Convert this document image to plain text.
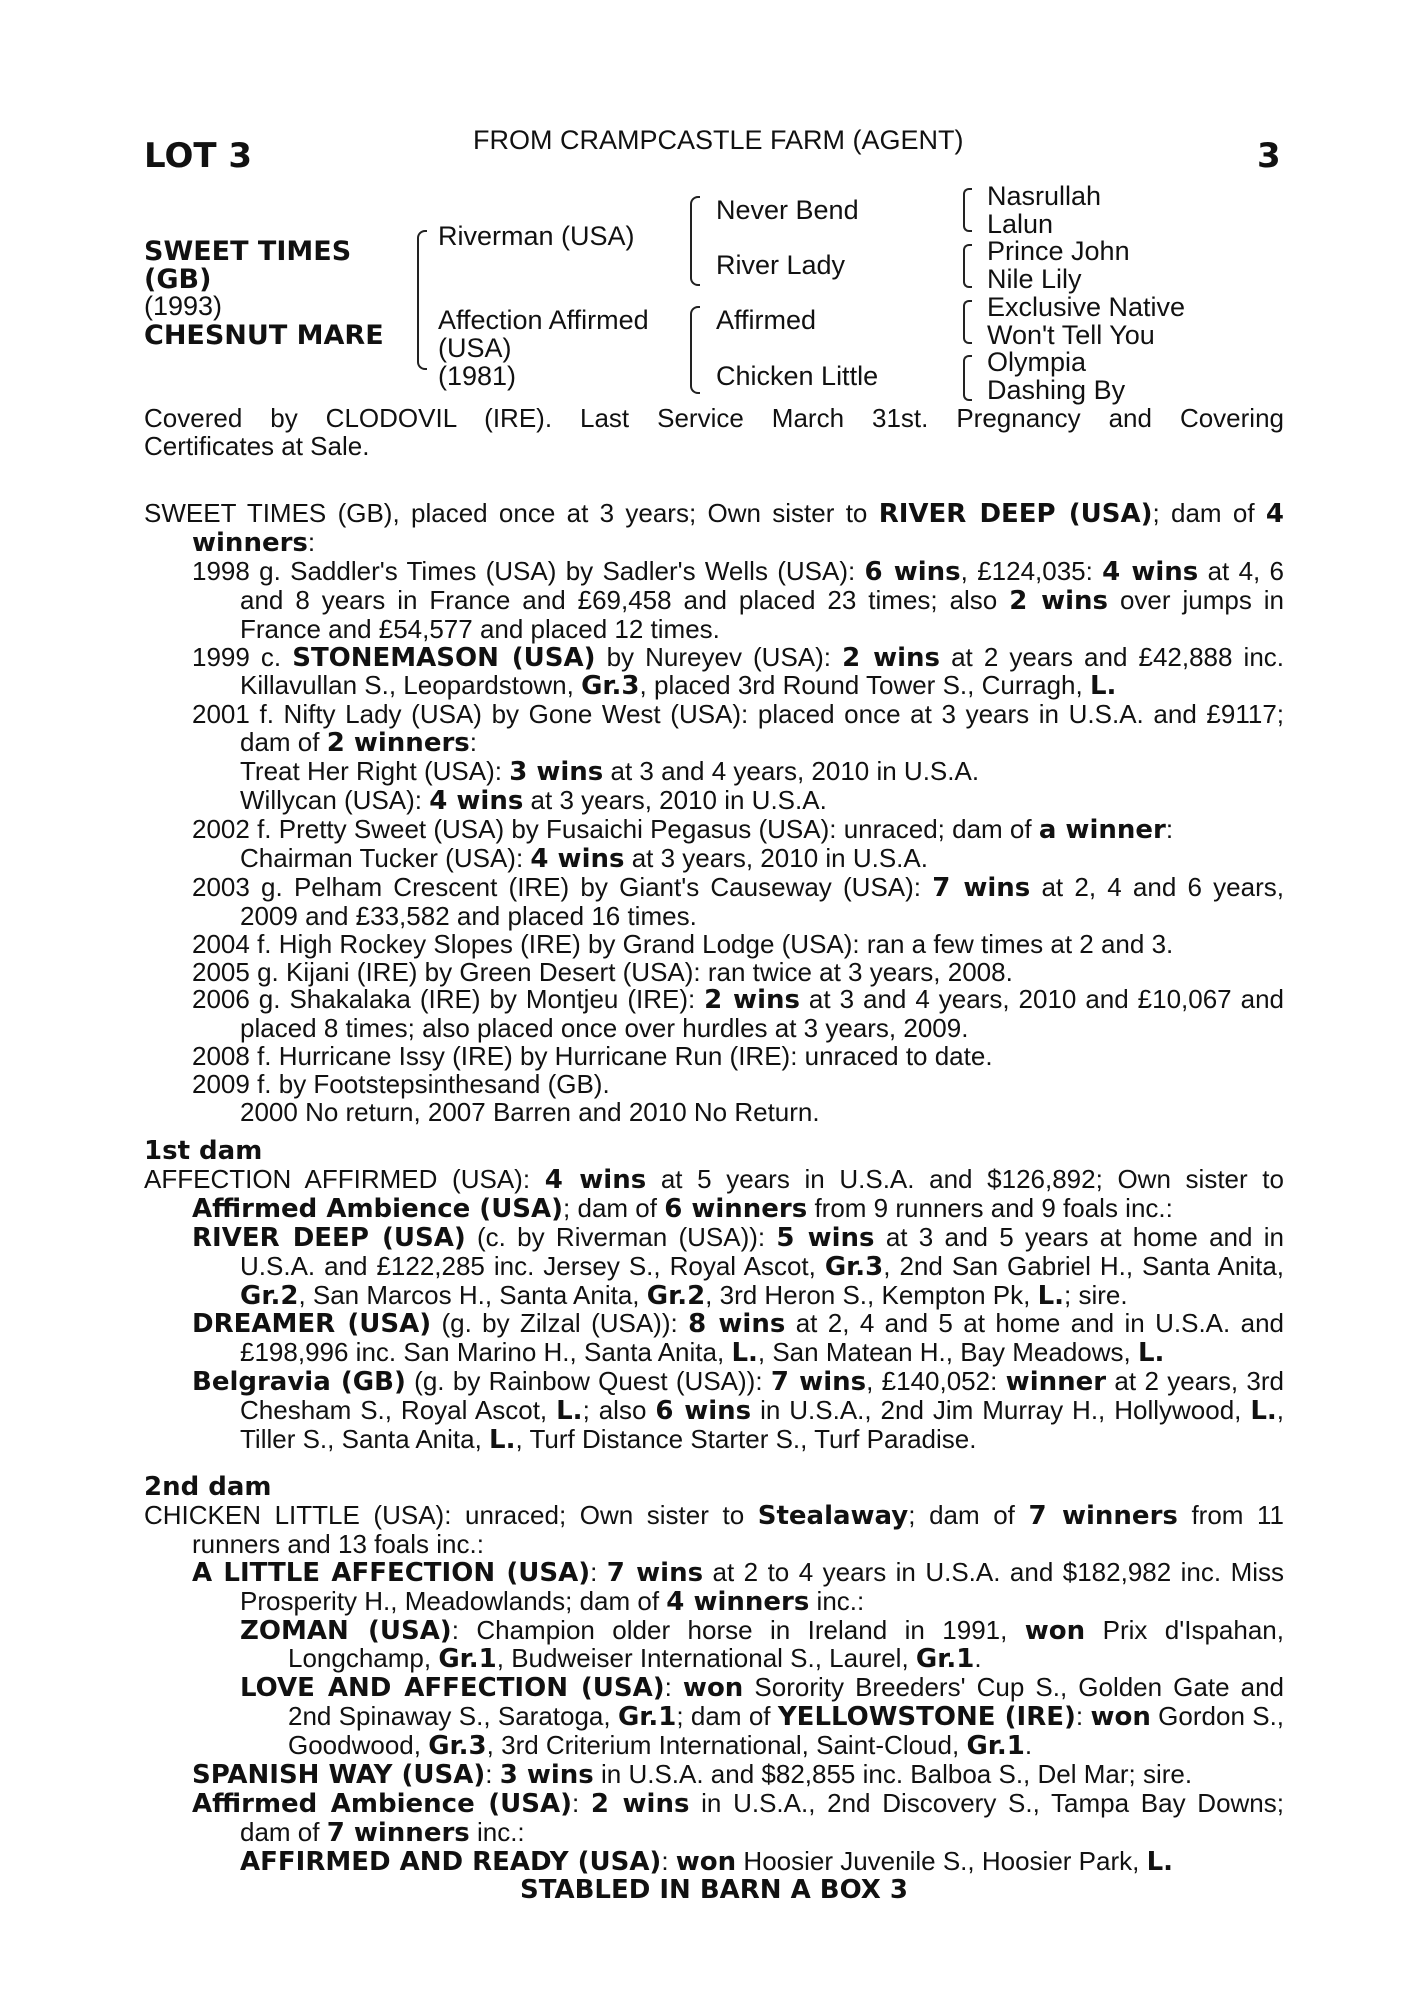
LOT 3	FROM CRAMPCASTLE FARM (AGENT)	3
SWEET TIMES
(GB)
(1993)
CHESNUT MARE
Riverman (USA)
Affection Affirmed
(USA)
(1981)
Never Bend
River Lady
Affirmed
Chicken Little
Nasrullah
Lalun
Prince John
Nile Lily
Exclusive Native
Won't Tell You
Olympia
Dashing By

Covered by CLODOVIL (IRE). Last Service March 31st. Pregnancy and Covering

Certificates at Sale.

SWEET TIMES (GB), placed once at 3 years; Own sister to RIVER DEEP (USA); dam of 4 winners:

1998 g. Saddler's Times (USA) by Sadler's Wells (USA): 6 wins, £124,035: 4 wins at 4, 6 and 8 years in France and £69,458 and placed 23 times; also 2 wins over jumps in France and £54,577 and placed 12 times.

1999 c. STONEMASON (USA) by Nureyev (USA): 2 wins at 2 years and £42,888 inc. Killavullan S., Leopardstown, Gr.3, placed 3rd Round Tower S., Curragh, L.

2001 f. Nifty Lady (USA) by Gone West (USA): placed once at 3 years in U.S.A. and £9117; dam of 2 winners:

Treat Her Right (USA): 3 wins at 3 and 4 years, 2010 in U.S.A.

Willycan (USA): 4 wins at 3 years, 2010 in U.S.A.

2002 f. Pretty Sweet (USA) by Fusaichi Pegasus (USA): unraced; dam of a winner:

Chairman Tucker (USA): 4 wins at 3 years, 2010 in U.S.A.

2003 g. Pelham Crescent (IRE) by Giant's Causeway (USA): 7 wins at 2, 4 and 6 years, 2009 and £33,582 and placed 16 times.

2004 f. High Rockey Slopes (IRE) by Grand Lodge (USA): ran a few times at 2 and 3.

2005 g. Kijani (IRE) by Green Desert (USA): ran twice at 3 years, 2008.

2006 g. Shakalaka (IRE) by Montjeu (IRE): 2 wins at 3 and 4 years, 2010 and £10,067 and placed 8 times; also placed once over hurdles at 3 years, 2009.

2008 f. Hurricane Issy (IRE) by Hurricane Run (IRE): unraced to date.

2009 f. by Footstepsinthesand (GB).

2000 No return, 2007 Barren and 2010 No Return.

1st dam

AFFECTION AFFIRMED (USA): 4 wins at 5 years in U.S.A. and $126,892; Own sister to Affirmed Ambience (USA); dam of 6 winners from 9 runners and 9 foals inc.:

RIVER DEEP (USA) (c. by Riverman (USA)): 5 wins at 3 and 5 years at home and in U.S.A. and £122,285 inc. Jersey S., Royal Ascot, Gr.3, 2nd San Gabriel H., Santa Anita, Gr.2, San Marcos H., Santa Anita, Gr.2, 3rd Heron S., Kempton Pk, L.; sire.

DREAMER (USA) (g. by Zilzal (USA)): 8 wins at 2, 4 and 5 at home and in U.S.A. and £198,996 inc. San Marino H., Santa Anita, L., San Matean H., Bay Meadows, L.

Belgravia (GB) (g. by Rainbow Quest (USA)): 7 wins, £140,052: winner at 2 years, 3rd Chesham S., Royal Ascot, L.; also 6 wins in U.S.A., 2nd Jim Murray H., Hollywood, L., Tiller S., Santa Anita, L., Turf Distance Starter S., Turf Paradise.

2nd dam

CHICKEN LITTLE (USA): unraced; Own sister to Stealaway; dam of 7 winners from 11 runners and 13 foals inc.:

A LITTLE AFFECTION (USA): 7 wins at 2 to 4 years in U.S.A. and $182,982 inc. Miss Prosperity H., Meadowlands; dam of 4 winners inc.:

ZOMAN (USA): Champion older horse in Ireland in 1991, won Prix d'Ispahan, Longchamp, Gr.1, Budweiser International S., Laurel, Gr.1.

LOVE AND AFFECTION (USA): won Sorority Breeders' Cup S., Golden Gate and 2nd Spinaway S., Saratoga, Gr.1; dam of YELLOWSTONE (IRE): won Gordon S., Goodwood, Gr.3, 3rd Criterium International, Saint-Cloud, Gr.1.

SPANISH WAY (USA): 3 wins in U.S.A. and $82,855 inc. Balboa S., Del Mar; sire.

Affirmed Ambience (USA): 2 wins in U.S.A., 2nd Discovery S., Tampa Bay Downs; dam of 7 winners inc.:

AFFIRMED AND READY (USA): won Hoosier Juvenile S., Hoosier Park, L.

STABLED IN BARN A BOX 3
